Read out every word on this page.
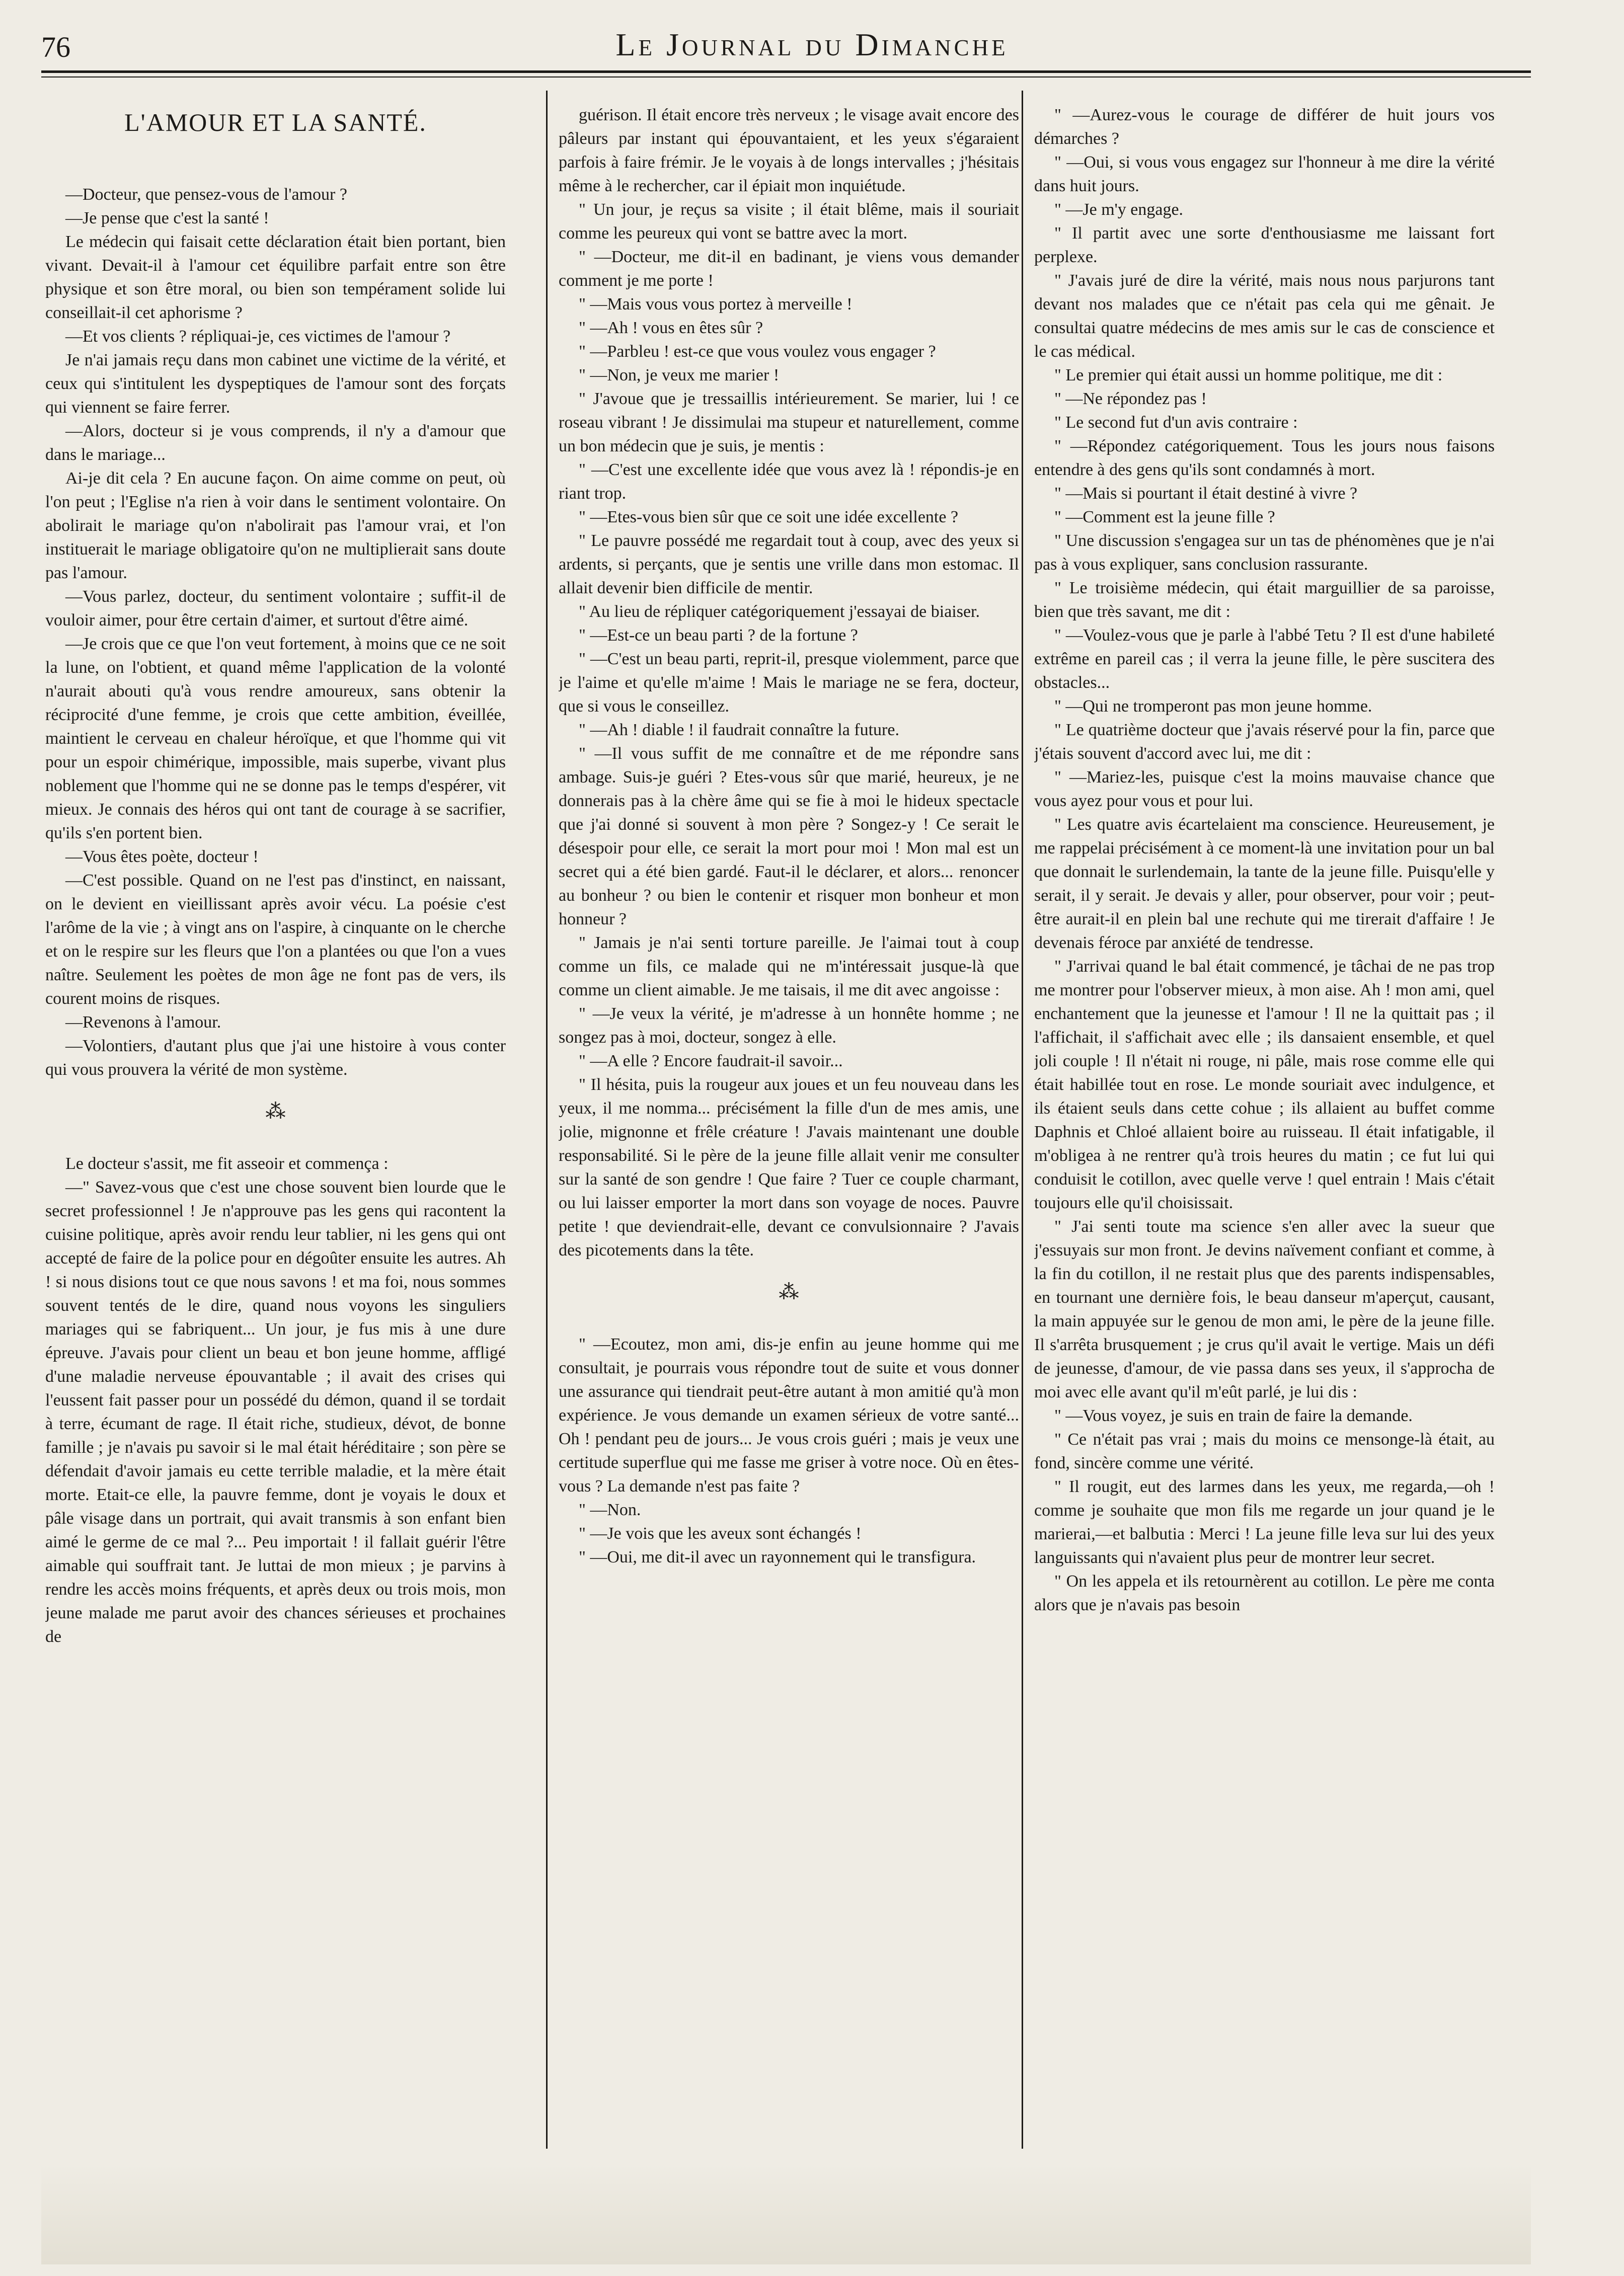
76	Le Journal du Dimanche
L'AMOUR ET LA SANTÉ.

—Docteur, que pensez-vous de l'amour ?

—Je pense que c'est la santé !

Le médecin qui faisait cette déclaration était bien portant, bien vivant. Devait-il à l'amour cet équilibre parfait entre son être physique et son être moral, ou bien son tempérament solide lui conseillait-il cet aphorisme ?

—Et vos clients ? répliquai-je, ces victimes de l'amour ?

Je n'ai jamais reçu dans mon cabinet une victime de la vérité, et ceux qui s'intitulent les dyspeptiques de l'amour sont des forçats qui viennent se faire ferrer.

—Alors, docteur si je vous comprends, il n'y a d'amour que dans le mariage...

Ai-je dit cela ? En aucune façon. On aime comme on peut, où l'on peut ; l'Eglise n'a rien à voir dans le sentiment volontaire. On abolirait le mariage qu'on n'abolirait pas l'amour vrai, et l'on instituerait le mariage obligatoire qu'on ne multiplierait sans doute pas l'amour.

—Vous parlez, docteur, du sentiment volontaire ; suffit-il de vouloir aimer, pour être certain d'aimer, et surtout d'être aimé.

—Je crois que ce que l'on veut fortement, à moins que ce ne soit la lune, on l'obtient, et quand même l'application de la volonté n'aurait abouti qu'à vous rendre amoureux, sans obtenir la réciprocité d'une femme, je crois que cette ambition, éveillée, maintient le cerveau en chaleur héroïque, et que l'homme qui vit pour un espoir chimérique, impossible, mais superbe, vivant plus noblement que l'homme qui ne se donne pas le temps d'espérer, vit mieux. Je connais des héros qui ont tant de courage à se sacrifier, qu'ils s'en portent bien.

—Vous êtes poète, docteur !

—C'est possible. Quand on ne l'est pas d'instinct, en naissant, on le devient en vieillissant après avoir vécu. La poésie c'est l'arôme de la vie ; à vingt ans on l'aspire, à cinquante on le cherche et on le respire sur les fleurs que l'on a plantées ou que l'on a vues naître. Seulement les poètes de mon âge ne font pas de vers, ils courent moins de risques.

—Revenons à l'amour.

—Volontiers, d'autant plus que j'ai une histoire à vous conter qui vous prouvera la vérité de mon système.

⁂

Le docteur s'assit, me fit asseoir et commença :

—" Savez-vous que c'est une chose souvent bien lourde que le secret professionnel ! Je n'approuve pas les gens qui racontent la cuisine politique, après avoir rendu leur tablier, ni les gens qui ont accepté de faire de la police pour en dégoûter ensuite les autres. Ah ! si nous disions tout ce que nous savons ! et ma foi, nous sommes souvent tentés de le dire, quand nous voyons les singuliers mariages qui se fabriquent... Un jour, je fus mis à une dure épreuve. J'avais pour client un beau et bon jeune homme, affligé d'une maladie nerveuse épouvantable ; il avait des crises qui l'eussent fait passer pour un possédé du démon, quand il se tordait à terre, écumant de rage. Il était riche, studieux, dévot, de bonne famille ; je n'avais pu savoir si le mal était héréditaire ; son père se défendait d'avoir jamais eu cette terrible maladie, et la mère était morte. Etait-ce elle, la pauvre femme, dont je voyais le doux et pâle visage dans un portrait, qui avait transmis à son enfant bien aimé le germe de ce mal ?... Peu importait ! il fallait guérir l'être aimable qui souffrait tant. Je luttai de mon mieux ; je parvins à rendre les accès moins fréquents, et après deux ou trois mois, mon jeune malade me parut avoir des chances sérieuses et prochaines de

guérison. Il était encore très nerveux ; le visage avait encore des pâleurs par instant qui épouvantaient, et les yeux s'égaraient parfois à faire frémir. Je le voyais à de longs intervalles ; j'hésitais même à le rechercher, car il épiait mon inquiétude.

" Un jour, je reçus sa visite ; il était blême, mais il souriait comme les peureux qui vont se battre avec la mort.

" —Docteur, me dit-il en badinant, je viens vous demander comment je me porte !

" —Mais vous vous portez à merveille !

" —Ah ! vous en êtes sûr ?

" —Parbleu ! est-ce que vous voulez vous engager ?

" —Non, je veux me marier !

" J'avoue que je tressaillis intérieurement. Se marier, lui ! ce roseau vibrant ! Je dissimulai ma stupeur et naturellement, comme un bon médecin que je suis, je mentis :

" —C'est une excellente idée que vous avez là ! répondis-je en riant trop.

" —Etes-vous bien sûr que ce soit une idée excellente ?

" Le pauvre possédé me regardait tout à coup, avec des yeux si ardents, si perçants, que je sentis une vrille dans mon estomac. Il allait devenir bien difficile de mentir.

" Au lieu de répliquer catégoriquement j'essayai de biaiser.

" —Est-ce un beau parti ? de la fortune ?

" —C'est un beau parti, reprit-il, presque violemment, parce que je l'aime et qu'elle m'aime ! Mais le mariage ne se fera, docteur, que si vous le conseillez.

" —Ah ! diable ! il faudrait connaître la future.

" —Il vous suffit de me connaître et de me répondre sans ambage. Suis-je guéri ? Etes-vous sûr que marié, heureux, je ne donnerais pas à la chère âme qui se fie à moi le hideux spectacle que j'ai donné si souvent à mon père ? Songez-y ! Ce serait le désespoir pour elle, ce serait la mort pour moi ! Mon mal est un secret qui a été bien gardé. Faut-il le déclarer, et alors... renoncer au bonheur ? ou bien le contenir et risquer mon bonheur et mon honneur ?

" Jamais je n'ai senti torture pareille. Je l'aimai tout à coup comme un fils, ce malade qui ne m'intéressait jusque-là que comme un client aimable. Je me taisais, il me dit avec angoisse :

" —Je veux la vérité, je m'adresse à un honnête homme ; ne songez pas à moi, docteur, songez à elle.

" —A elle ? Encore faudrait-il savoir...

" Il hésita, puis la rougeur aux joues et un feu nouveau dans les yeux, il me nomma... précisément la fille d'un de mes amis, une jolie, mignonne et frêle créature ! J'avais maintenant une double responsabilité. Si le père de la jeune fille allait venir me consulter sur la santé de son gendre ! Que faire ? Tuer ce couple charmant, ou lui laisser emporter la mort dans son voyage de noces. Pauvre petite ! que deviendrait-elle, devant ce convulsionnaire ? J'avais des picotements dans la tête.

⁂

" —Ecoutez, mon ami, dis-je enfin au jeune homme qui me consultait, je pourrais vous répondre tout de suite et vous donner une assurance qui tiendrait peut-être autant à mon amitié qu'à mon expérience. Je vous demande un examen sérieux de votre santé... Oh ! pendant peu de jours... Je vous crois guéri ; mais je veux une certitude superflue qui me fasse me griser à votre noce. Où en êtes-vous ? La demande n'est pas faite ?

" —Non.

" —Je vois que les aveux sont échangés !

" —Oui, me dit-il avec un rayonnement qui le transfigura.

" —Aurez-vous le courage de différer de huit jours vos démarches ?

" —Oui, si vous vous engagez sur l'honneur à me dire la vérité dans huit jours.

" —Je m'y engage.

" Il partit avec une sorte d'enthousiasme me laissant fort perplexe.

" J'avais juré de dire la vérité, mais nous nous parjurons tant devant nos malades que ce n'était pas cela qui me gênait. Je consultai quatre médecins de mes amis sur le cas de conscience et le cas médical.

" Le premier qui était aussi un homme politique, me dit :

" —Ne répondez pas !

" Le second fut d'un avis contraire :

" —Répondez catégoriquement. Tous les jours nous faisons entendre à des gens qu'ils sont condamnés à mort.

" —Mais si pourtant il était destiné à vivre ?

" —Comment est la jeune fille ?

" Une discussion s'engagea sur un tas de phénomènes que je n'ai pas à vous expliquer, sans conclusion rassurante.

" Le troisième médecin, qui était marguillier de sa paroisse, bien que très savant, me dit :

" —Voulez-vous que je parle à l'abbé Tetu ? Il est d'une habileté extrême en pareil cas ; il verra la jeune fille, le père suscitera des obstacles...

" —Qui ne tromperont pas mon jeune homme.

" Le quatrième docteur que j'avais réservé pour la fin, parce que j'étais souvent d'accord avec lui, me dit :

" —Mariez-les, puisque c'est la moins mauvaise chance que vous ayez pour vous et pour lui.

" Les quatre avis écartelaient ma conscience. Heureusement, je me rappelai précisément à ce moment-là une invitation pour un bal que donnait le surlendemain, la tante de la jeune fille. Puisqu'elle y serait, il y serait. Je devais y aller, pour observer, pour voir ; peut-être aurait-il en plein bal une rechute qui me tirerait d'affaire ! Je devenais féroce par anxiété de tendresse.

" J'arrivai quand le bal était commencé, je tâchai de ne pas trop me montrer pour l'observer mieux, à mon aise. Ah ! mon ami, quel enchantement que la jeunesse et l'amour ! Il ne la quittait pas ; il l'affichait, il s'affichait avec elle ; ils dansaient ensemble, et quel joli couple ! Il n'était ni rouge, ni pâle, mais rose comme elle qui était habillée tout en rose. Le monde souriait avec indulgence, et ils étaient seuls dans cette cohue ; ils allaient au buffet comme Daphnis et Chloé allaient boire au ruisseau. Il était infatigable, il m'obligea à ne rentrer qu'à trois heures du matin ; ce fut lui qui conduisit le cotillon, avec quelle verve ! quel entrain ! Mais c'était toujours elle qu'il choisissait.

" J'ai senti toute ma science s'en aller avec la sueur que j'essuyais sur mon front. Je devins naïvement confiant et comme, à la fin du cotillon, il ne restait plus que des parents indispensables, en tournant une dernière fois, le beau danseur m'aperçut, causant, la main appuyée sur le genou de mon ami, le père de la jeune fille. Il s'arrêta brusquement ; je crus qu'il avait le vertige. Mais un défi de jeunesse, d'amour, de vie passa dans ses yeux, il s'approcha de moi avec elle avant qu'il m'eût parlé, je lui dis :

" —Vous voyez, je suis en train de faire la demande.

" Ce n'était pas vrai ; mais du moins ce mensonge-là était, au fond, sincère comme une vérité.

" Il rougit, eut des larmes dans les yeux, me regarda,—oh ! comme je souhaite que mon fils me regarde un jour quand je le marierai,—et balbutia : Merci ! La jeune fille leva sur lui des yeux languissants qui n'avaient plus peur de montrer leur secret.

" On les appela et ils retournèrent au cotillon. Le père me conta alors que je n'avais pas besoin
